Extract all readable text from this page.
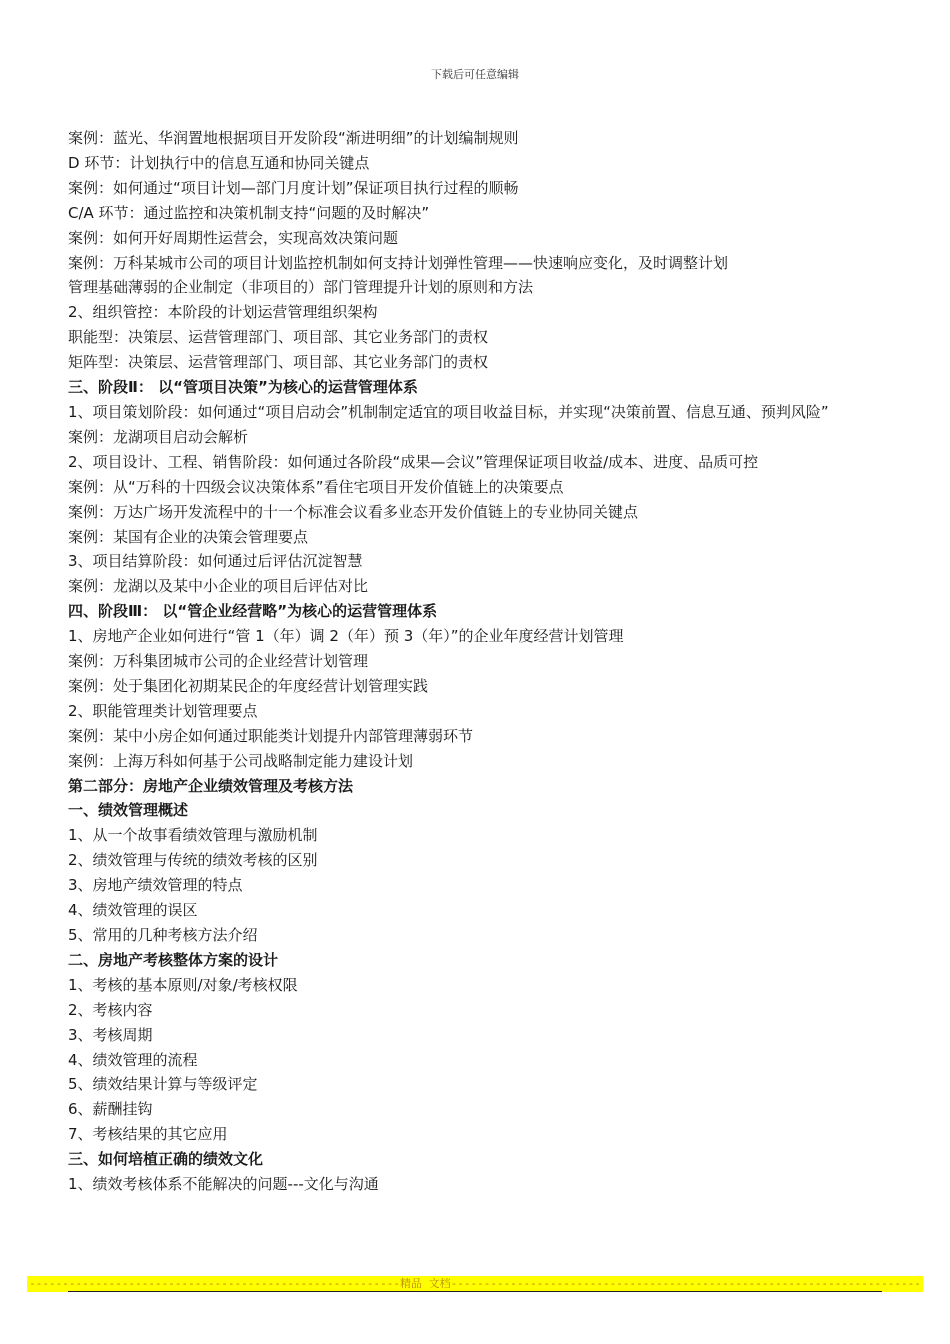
下载后可任意编辑
案例：蓝光、华润置地根据项目开发阶段“渐进明细”的计划编制规则
D 环节：计划执行中的信息互通和协同关键点
案例：如何通过“项目计划—部门月度计划”保证项目执行过程的顺畅
C/A 环节：通过监控和决策机制支持“问题的及时解决”
案例：如何开好周期性运营会，实现高效决策问题
案例：万科某城市公司的项目计划监控机制如何支持计划弹性管理——快速响应变化，及时调整计划
管理基础薄弱的企业制定（非项目的）部门管理提升计划的原则和方法
2、组织管控：本阶段的计划运营管理组织架构
职能型：决策层、运营管理部门、项目部、其它业务部门的责权
矩阵型：决策层、运营管理部门、项目部、其它业务部门的责权
三、阶段Ⅱ： 以“管项目决策”为核心的运营管理体系
1、项目策划阶段：如何通过“项目启动会”机制制定适宜的项目收益目标，并实现“决策前置、信息互通、预判风险”
案例：龙湖项目启动会解析
2、项目设计、工程、销售阶段：如何通过各阶段“成果—会议”管理保证项目收益/成本、进度、品质可控
案例：从“万科的十四级会议决策体系”看住宅项目开发价值链上的决策要点
案例：万达广场开发流程中的十一个标准会议看多业态开发价值链上的专业协同关键点
案例：某国有企业的决策会管理要点
3、项目结算阶段：如何通过后评估沉淀智慧
案例：龙湖以及某中小企业的项目后评估对比
四、阶段Ⅲ： 以“管企业经营略”为核心的运营管理体系
1、房地产企业如何进行“管 1（年）调 2（年）预 3（年）”的企业年度经营计划管理
案例：万科集团城市公司的企业经营计划管理
案例：处于集团化初期某民企的年度经营计划管理实践
2、职能管理类计划管理要点
案例：某中小房企如何通过职能类计划提升内部管理薄弱环节
案例：上海万科如何基于公司战略制定能力建设计划
第二部分：房地产企业绩效管理及考核方法
一、绩效管理概述
1、从一个故事看绩效管理与激励机制
2、绩效管理与传统的绩效考核的区别
3、房地产绩效管理的特点
4、绩效管理的误区
5、常用的几种考核方法介绍
二、房地产考核整体方案的设计
1、考核的基本原则/对象/考核权限
2、考核内容
3、考核周期
4、绩效管理的流程
5、绩效结果计算与等级评定
6、薪酬挂钩
7、考核结果的其它应用
三、如何培植正确的绩效文化
1、绩效考核体系不能解决的问题---文化与沟通
--------------------------------------------------------精品 文档-----------------------------------------------------------------------
